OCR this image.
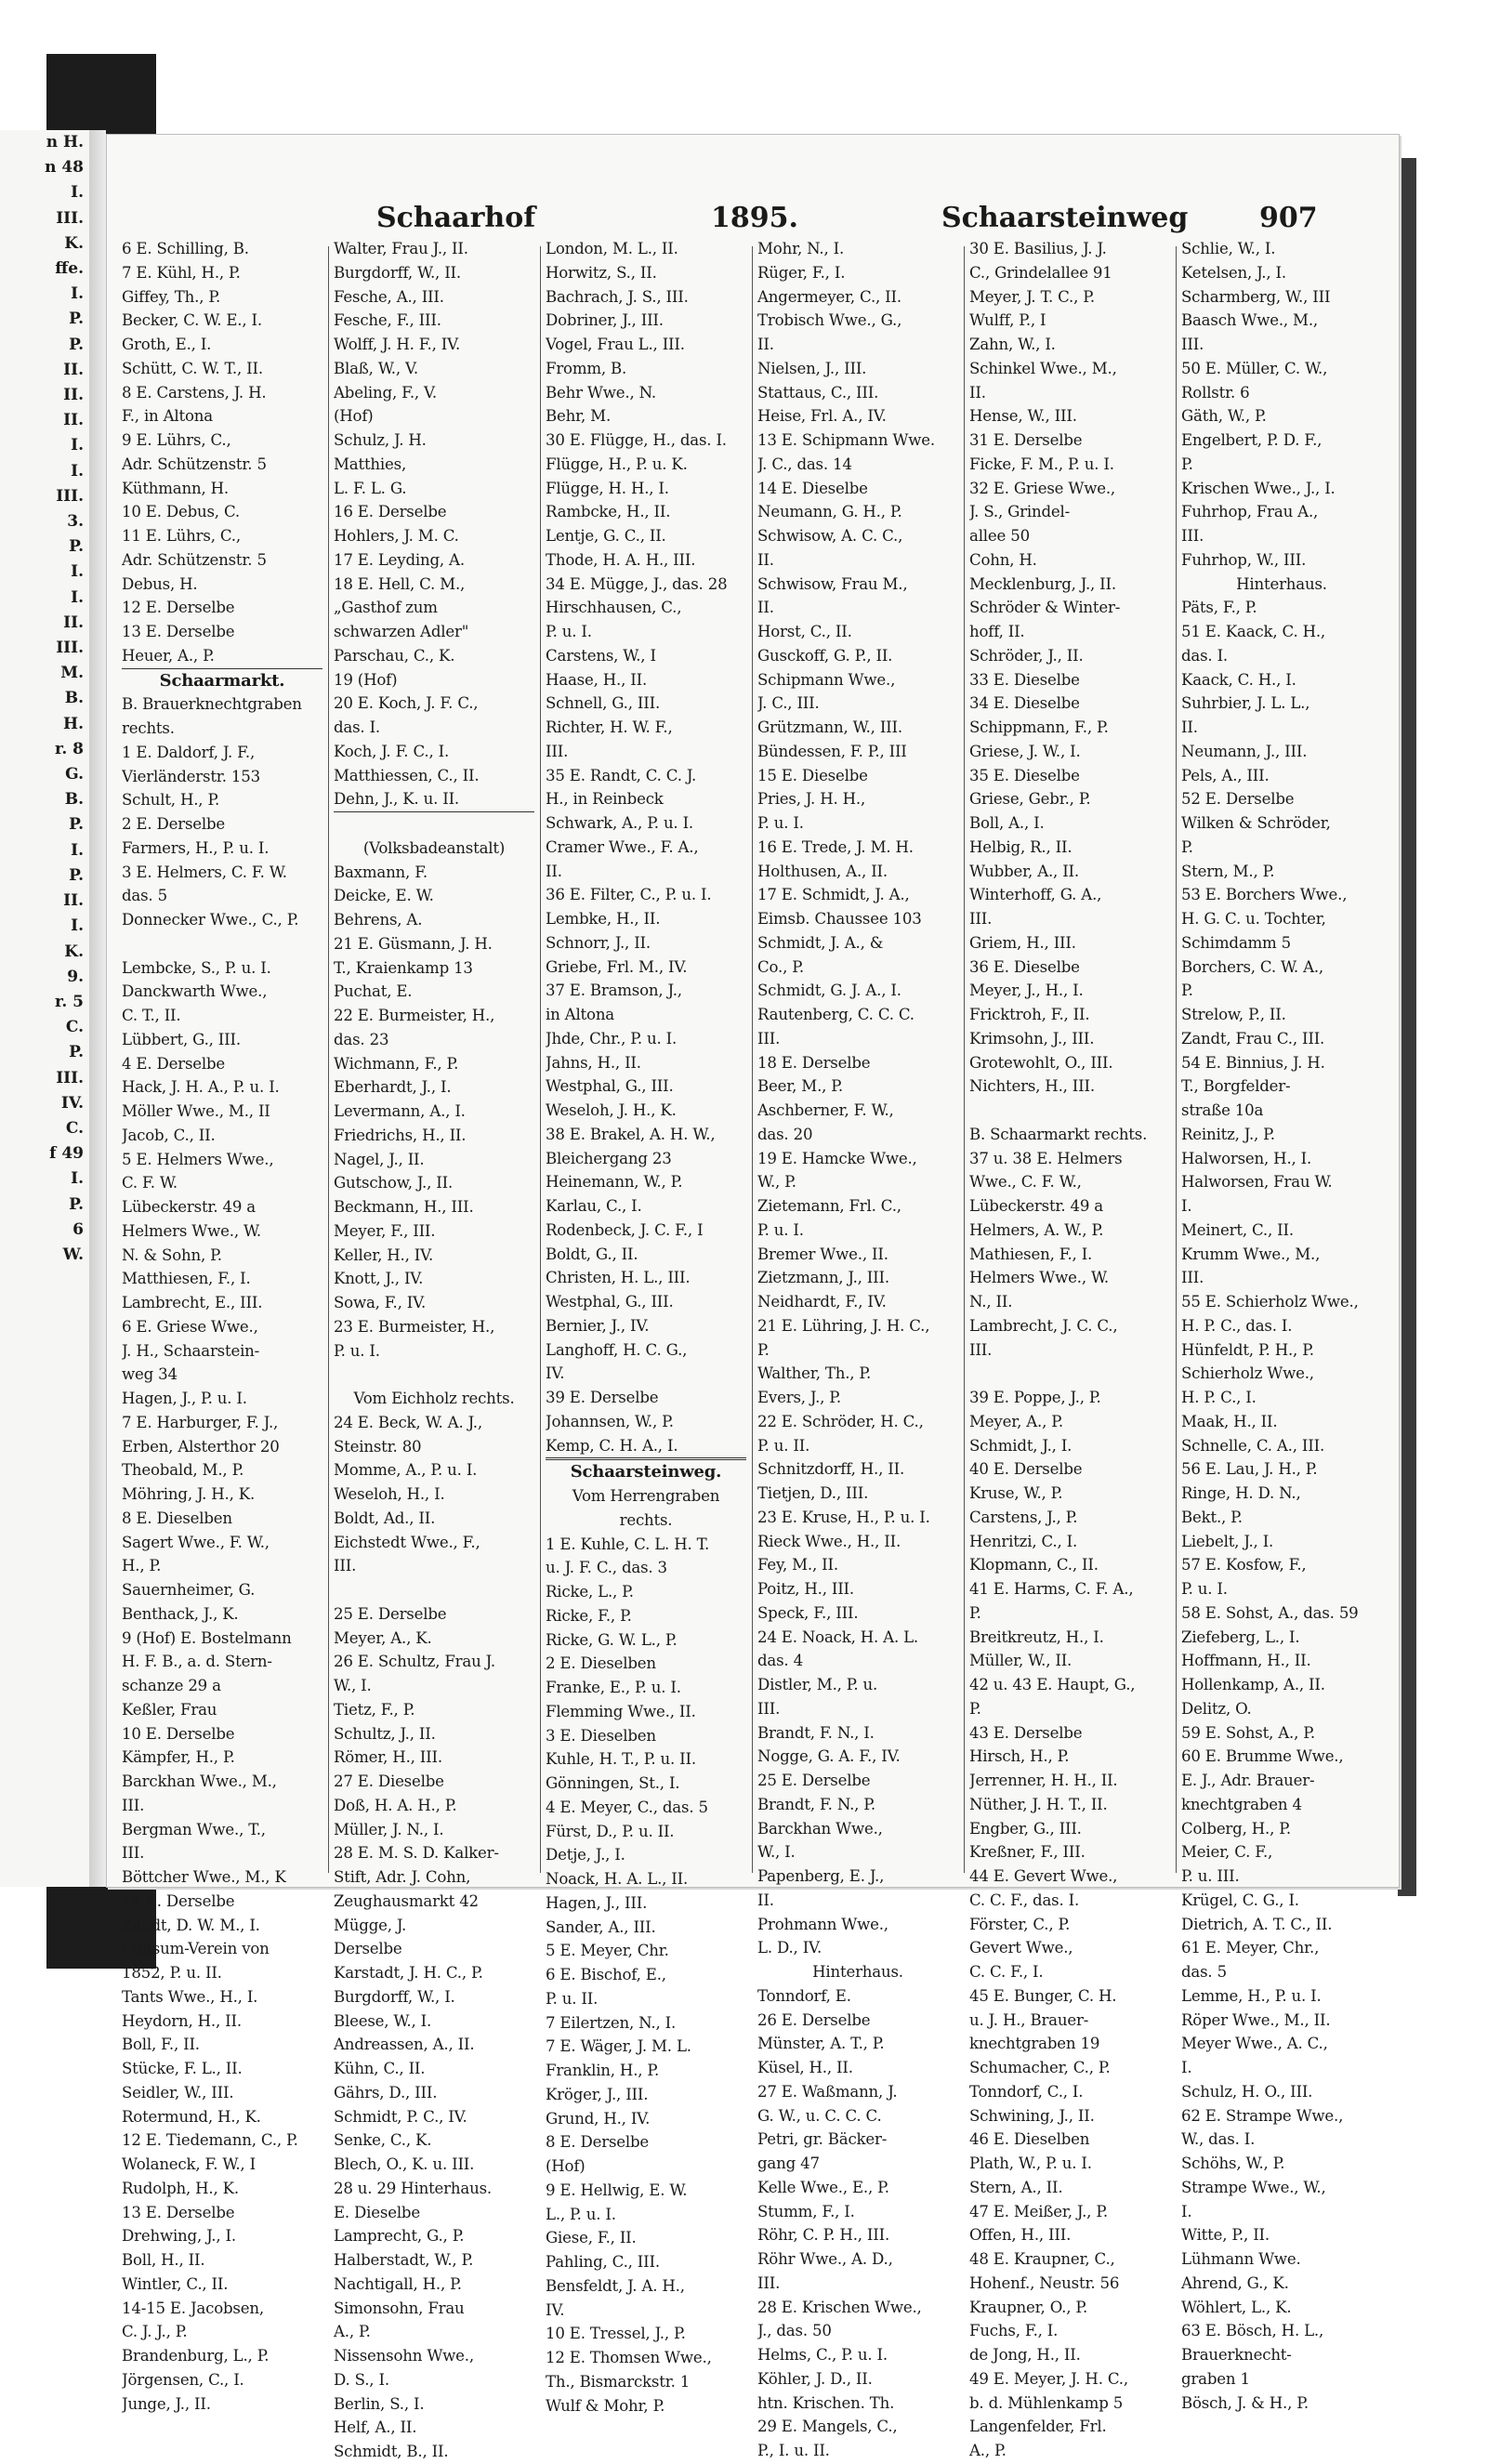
n H.
n 48
I.
III.
K.
ffe.
I.
P.
P.
II.
II.
II.
I.
I.
III.
3.
P.
I.
I.
II.
III.
M.
B.
H.
r. 8
G.
B.
P.
I.
P.
II.
I.
K.
9.
r. 5
C.
P.
III.
IV.
C.
f 49
I.
P.
6
W.
Schaarhof	1895.	Schaarsteinweg	907
6 E. Schilling, B.
7 E. Kühl, H., P.
Giffey, Th., P.
Becker, C. W. E., I.
Groth, E., I.
Schütt, C. W. T., II.
8 E. Carstens, J. H.
F., in Altona
9 E. Lührs, C.,
Adr. Schützenstr. 5
Küthmann, H.
10 E. Debus, C.
11 E. Lührs, C.,
Adr. Schützenstr. 5
Debus, H.
12 E. Derselbe
13 E. Derselbe
Heuer, A., P.
Schaarmarkt.
B. Brauerknechtgraben
rechts.
1 E. Daldorf, J. F.,
Vierländerstr. 153
Schult, H., P.
2 E. Derselbe
Farmers, H., P. u. I.
3 E. Helmers, C. F. W.
das. 5
Donnecker Wwe., C., P.
Lembcke, S., P. u. I.
Danckwarth Wwe.,
C. T., II.
Lübbert, G., III.
4 E. Derselbe
Hack, J. H. A., P. u. I.
Möller Wwe., M., II
Jacob, C., II.
5 E. Helmers Wwe.,
C. F. W.
Lübeckerstr. 49 a
Helmers Wwe., W.
N. & Sohn, P.
Matthiesen, F., I.
Lambrecht, E., III.
6 E. Griese Wwe.,
J. H., Schaarstein-
weg 34
Hagen, J., P. u. I.
7 E. Harburger, F. J.,
Erben, Alsterthor 20
Theobald, M., P.
Möhring, J. H., K.
8 E. Dieselben
Sagert Wwe., F. W.,
H., P.
Sauernheimer, G.
Benthack, J., K.
9 (Hof) E. Bostelmann
H. F. B., a. d. Stern-
schanze 29 a
Keßler, Frau
10 E. Derselbe
Kämpfer, H., P.
Barckhan Wwe., M.,
III.
Bergman Wwe., T.,
III.
Böttcher Wwe., M., K
11 E. Derselbe
Zandt, D. W. M., I.
Consum-Verein von
1852, P. u. II.
Tants Wwe., H., I.
Heydorn, H., II.
Boll, F., II.
Stücke, F. L., II.
Seidler, W., III.
Rotermund, H., K.
12 E. Tiedemann, C., P.
Wolaneck, F. W., I
Rudolph, H., K.
13 E. Derselbe
Drehwing, J., I.
Boll, H., II.
Wintler, C., II.
14-15 E. Jacobsen,
C. J. J., P.
Brandenburg, L., P.
Jörgensen, C., I.
Junge, J., II.
Walter, Frau J., II.
Burgdorff, W., II.
Fesche, A., III.
Fesche, F., III.
Wolff, J. H. F., IV.
Blaß, W., V.
Abeling, F., V.
(Hof)
Schulz, J. H.
Matthies,
L. F. L. G.
16 E. Derselbe
Hohlers, J. M. C.
17 E. Leyding, A.
18 E. Hell, C. M.,
„Gasthof zum
schwarzen Adler"
Parschau, C., K.
19 (Hof)
20 E. Koch, J. F. C.,
das. I.
Koch, J. F. C., I.
Matthiessen, C., II.
Dehn, J., K. u. II.
(Volksbadeanstalt)
Baxmann, F.
Deicke, E. W.
Behrens, A.
21 E. Güsmann, J. H.
T., Kraienkamp 13
Puchat, E.
22 E. Burmeister, H.,
das. 23
Wichmann, F., P.
Eberhardt, J., I.
Levermann, A., I.
Friedrichs, H., II.
Nagel, J., II.
Gutschow, J., II.
Beckmann, H., III.
Meyer, F., III.
Keller, H., IV.
Knott, J., IV.
Sowa, F., IV.
23 E. Burmeister, H.,
P. u. I.
Vom Eichholz rechts.
24 E. Beck, W. A. J.,
Steinstr. 80
Momme, A., P. u. I.
Weseloh, H., I.
Boldt, Ad., II.
Eichstedt Wwe., F.,
III.
25 E. Derselbe
Meyer, A., K.
26 E. Schultz, Frau J.
W., I.
Tietz, F., P.
Schultz, J., II.
Römer, H., III.
27 E. Dieselbe
Doß, H. A. H., P.
Müller, J. N., I.
28 E. M. S. D. Kalker-
Stift, Adr. J. Cohn,
Zeughausmarkt 42
Mügge, J.
Derselbe
Karstadt, J. H. C., P.
Burgdorff, W., I.
Bleese, W., I.
Andreassen, A., II.
Kühn, C., II.
Gährs, D., III.
Schmidt, P. C., IV.
Senke, C., K.
Blech, O., K. u. III.
28 u. 29 Hinterhaus.
E. Dieselbe
Lamprecht, G., P.
Halberstadt, W., P.
Nachtigall, H., P.
Simonsohn, Frau
A., P.
Nissensohn Wwe.,
D. S., I.
Berlin, S., I.
Helf, A., II.
Schmidt, B., II.
London, M. L., II.
Horwitz, S., II.
Bachrach, J. S., III.
Dobriner, J., III.
Vogel, Frau L., III.
Fromm, B.
Behr Wwe., N.
Behr, M.
30 E. Flügge, H., das. I.
Flügge, H., P. u. K.
Flügge, H. H., I.
Rambcke, H., II.
Lentje, G. C., II.
Thode, H. A. H., III.
34 E. Mügge, J., das. 28
Hirschhausen, C.,
P. u. I.
Carstens, W., I
Haase, H., II.
Schnell, G., III.
Richter, H. W. F.,
III.
35 E. Randt, C. C. J.
H., in Reinbeck
Schwark, A., P. u. I.
Cramer Wwe., F. A.,
II.
36 E. Filter, C., P. u. I.
Lembke, H., II.
Schnorr, J., II.
Griebe, Frl. M., IV.
37 E. Bramson, J.,
in Altona
Jhde, Chr., P. u. I.
Jahns, H., II.
Westphal, G., III.
Weseloh, J. H., K.
38 E. Brakel, A. H. W.,
Bleichergang 23
Heinemann, W., P.
Karlau, C., I.
Rodenbeck, J. C. F., I
Boldt, G., II.
Christen, H. L., III.
Westphal, G., III.
Bernier, J., IV.
Langhoff, H. C. G.,
IV.
39 E. Derselbe
Johannsen, W., P.
Kemp, C. H. A., I.
Schaarsteinweg.
Vom Herrengraben
rechts.
1 E. Kuhle, C. L. H. T.
u. J. F. C., das. 3
Ricke, L., P.
Ricke, F., P.
Ricke, G. W. L., P.
2 E. Dieselben
Franke, E., P. u. I.
Flemming Wwe., II.
3 E. Dieselben
Kuhle, H. T., P. u. II.
Gönningen, St., I.
4 E. Meyer, C., das. 5
Fürst, D., P. u. II.
Detje, J., I.
Noack, H. A. L., II.
Hagen, J., III.
Sander, A., III.
5 E. Meyer, Chr.
6 E. Bischof, E.,
P. u. II.
7 Eilertzen, N., I.
7 E. Wäger, J. M. L.
Franklin, H., P.
Kröger, J., III.
Grund, H., IV.
8 E. Derselbe
(Hof)
9 E. Hellwig, E. W.
L., P. u. I.
Giese, F., II.
Pahling, C., III.
Bensfeldt, J. A. H.,
IV.
10 E. Tressel, J., P.
12 E. Thomsen Wwe.,
Th., Bismarckstr. 1
Wulf & Mohr, P.
Mohr, N., I.
Rüger, F., I.
Angermeyer, C., II.
Trobisch Wwe., G.,
II.
Nielsen, J., III.
Stattaus, C., III.
Heise, Frl. A., IV.
13 E. Schipmann Wwe.
J. C., das. 14
14 E. Dieselbe
Neumann, G. H., P.
Schwisow, A. C. C.,
II.
Schwisow, Frau M.,
II.
Horst, C., II.
Gusckoff, G. P., II.
Schipmann Wwe.,
J. C., III.
Grützmann, W., III.
Bündessen, F. P., III
15 E. Dieselbe
Pries, J. H. H.,
P. u. I.
16 E. Trede, J. M. H.
Holthusen, A., II.
17 E. Schmidt, J. A.,
Eimsb. Chaussee 103
Schmidt, J. A., &
Co., P.
Schmidt, G. J. A., I.
Rautenberg, C. C. C.
III.
18 E. Derselbe
Beer, M., P.
Aschberner, F. W.,
das. 20
19 E. Hamcke Wwe.,
W., P.
Zietemann, Frl. C.,
P. u. I.
Bremer Wwe., II.
Zietzmann, J., III.
Neidhardt, F., IV.
21 E. Lühring, J. H. C.,
P.
Walther, Th., P.
Evers, J., P.
22 E. Schröder, H. C.,
P. u. II.
Schnitzdorff, H., II.
Tietjen, D., III.
23 E. Kruse, H., P. u. I.
Rieck Wwe., H., II.
Fey, M., II.
Poitz, H., III.
Speck, F., III.
24 E. Noack, H. A. L.
das. 4
Distler, M., P. u.
III.
Brandt, F. N., I.
Nogge, G. A. F., IV.
25 E. Derselbe
Brandt, F. N., P.
Barckhan Wwe.,
W., I.
Papenberg, E. J.,
II.
Prohmann Wwe.,
L. D., IV.
Hinterhaus.
Tonndorf, E.
26 E. Derselbe
Münster, A. T., P.
Küsel, H., II.
27 E. Waßmann, J.
G. W., u. C. C. C.
Petri, gr. Bäcker-
gang 47
Kelle Wwe., E., P.
Stumm, F., I.
Röhr, C. P. H., III.
Röhr Wwe., A. D.,
III.
28 E. Krischen Wwe.,
J., das. 50
Helms, C., P. u. I.
Köhler, J. D., II.
htn. Krischen. Th.
29 E. Mangels, C.,
P., I. u. II.
30 E. Basilius, J. J.
C., Grindelallee 91
Meyer, J. T. C., P.
Wulff, P., I
Zahn, W., I.
Schinkel Wwe., M.,
II.
Hense, W., III.
31 E. Derselbe
Ficke, F. M., P. u. I.
32 E. Griese Wwe.,
J. S., Grindel-
allee 50
Cohn, H.
Mecklenburg, J., II.
Schröder & Winter-
hoff, II.
Schröder, J., II.
33 E. Dieselbe
34 E. Dieselbe
Schippmann, F., P.
Griese, J. W., I.
35 E. Dieselbe
Griese, Gebr., P.
Boll, A., I.
Helbig, R., II.
Wubber, A., II.
Winterhoff, G. A.,
III.
Griem, H., III.
36 E. Dieselbe
Meyer, J., H., I.
Fricktroh, F., II.
Krimsohn, J., III.
Grotewohlt, O., III.
Nichters, H., III.
B. Schaarmarkt rechts.
37 u. 38 E. Helmers
Wwe., C. F. W.,
Lübeckerstr. 49 a
Helmers, A. W., P.
Mathiesen, F., I.
Helmers Wwe., W.
N., II.
Lambrecht, J. C. C.,
III.
39 E. Poppe, J., P.
Meyer, A., P.
Schmidt, J., I.
40 E. Derselbe
Kruse, W., P.
Carstens, J., P.
Henritzi, C., I.
Klopmann, C., II.
41 E. Harms, C. F. A.,
P.
Breitkreutz, H., I.
Müller, W., II.
42 u. 43 E. Haupt, G.,
P.
43 E. Derselbe
Hirsch, H., P.
Jerrenner, H. H., II.
Nüther, J. H. T., II.
Engber, G., III.
Kreßner, F., III.
44 E. Gevert Wwe.,
C. C. F., das. I.
Förster, C., P.
Gevert Wwe.,
C. C. F., I.
45 E. Bunger, C. H.
u. J. H., Brauer-
knechtgraben 19
Schumacher, C., P.
Tonndorf, C., I.
Schwining, J., II.
46 E. Dieselben
Plath, W., P. u. I.
Stern, A., II.
47 E. Meißer, J., P.
Offen, H., III.
48 E. Kraupner, C.,
Hohenf., Neustr. 56
Kraupner, O., P.
Fuchs, F., I.
de Jong, H., II.
49 E. Meyer, J. H. C.,
b. d. Mühlenkamp 5
Langenfelder, Frl.
A., P.
Schlie, W., I.
Ketelsen, J., I.
Scharmberg, W., III
Baasch Wwe., M.,
III.
50 E. Müller, C. W.,
Rollstr. 6
Gäth, W., P.
Engelbert, P. D. F.,
P.
Krischen Wwe., J., I.
Fuhrhop, Frau A.,
III.
Fuhrhop, W., III.
Hinterhaus.
Päts, F., P.
51 E. Kaack, C. H.,
das. I.
Kaack, C. H., I.
Suhrbier, J. L. L.,
II.
Neumann, J., III.
Pels, A., III.
52 E. Derselbe
Wilken & Schröder,
P.
Stern, M., P.
53 E. Borchers Wwe.,
H. G. C. u. Tochter,
Schimdamm 5
Borchers, C. W. A.,
P.
Strelow, P., II.
Zandt, Frau C., III.
54 E. Binnius, J. H.
T., Borgfelder-
straße 10a
Reinitz, J., P.
Halworsen, H., I.
Halworsen, Frau W.
I.
Meinert, C., II.
Krumm Wwe., M.,
III.
55 E. Schierholz Wwe.,
H. P. C., das. I.
Hünfeldt, P. H., P.
Schierholz Wwe.,
H. P. C., I.
Maak, H., II.
Schnelle, C. A., III.
56 E. Lau, J. H., P.
Ringe, H. D. N.,
Bekt., P.
Liebelt, J., I.
57 E. Kosfow, F.,
P. u. I.
58 E. Sohst, A., das. 59
Ziefeberg, L., I.
Hoffmann, H., II.
Hollenkamp, A., II.
Delitz, O.
59 E. Sohst, A., P.
60 E. Brumme Wwe.,
E. J., Adr. Brauer-
knechtgraben 4
Colberg, H., P.
Meier, C. F.,
P. u. III.
Krügel, C. G., I.
Dietrich, A. T. C., II.
61 E. Meyer, Chr.,
das. 5
Lemme, H., P. u. I.
Röper Wwe., M., II.
Meyer Wwe., A. C.,
I.
Schulz, H. O., III.
62 E. Strampe Wwe.,
W., das. I.
Schöhs, W., P.
Strampe Wwe., W.,
I.
Witte, P., II.
Lühmann Wwe.
Ahrend, G., K.
Wöhlert, L., K.
63 E. Bösch, H. L.,
Brauerknecht-
graben 1
Bösch, J. & H., P.
